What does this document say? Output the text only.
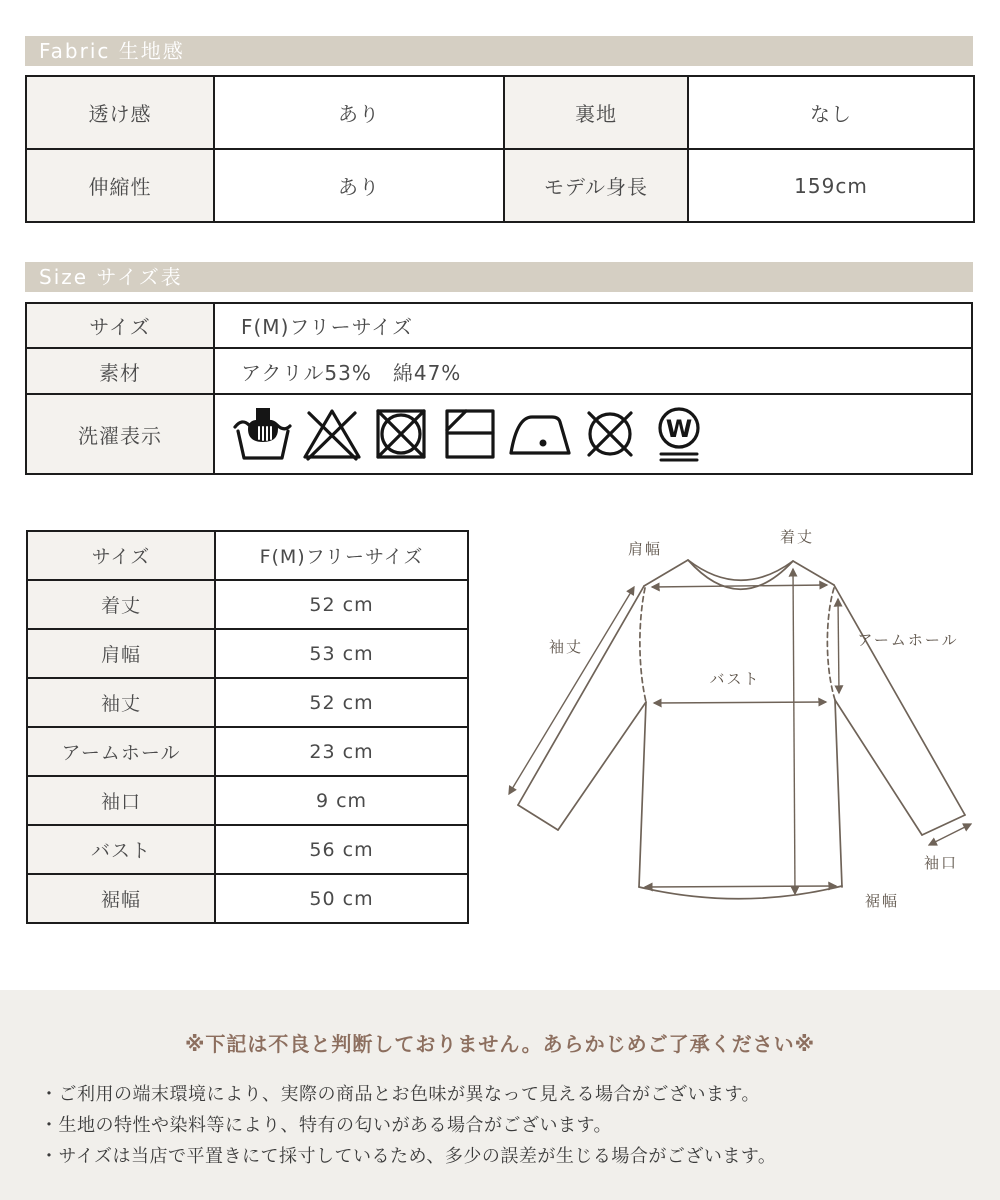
Fabric 生地感
透け感	あり	裏地	なし
伸縮性	あり	モデル身長	159cm
Size サイズ表
サイズ	F(M)フリーサイズ
素材	アクリル53%　綿47%
洗濯表示	W
サイズ	F(M)フリーサイズ
着丈	52 cm
肩幅	53 cm
袖丈	52 cm
アームホール	23 cm
袖口	9 cm
バスト	56 cm
裾幅	50 cm
着丈
肩幅
袖丈	アームホール
バスト
袖口
裾幅
※下記は不良と判断しておりません。あらかじめご了承ください※
・ご利用の端末環境により、実際の商品とお色味が異なって見える場合がございます。
・生地の特性や染料等により、特有の匂いがある場合がございます。
・サイズは当店で平置きにて採寸しているため、多少の誤差が生じる場合がございます。
